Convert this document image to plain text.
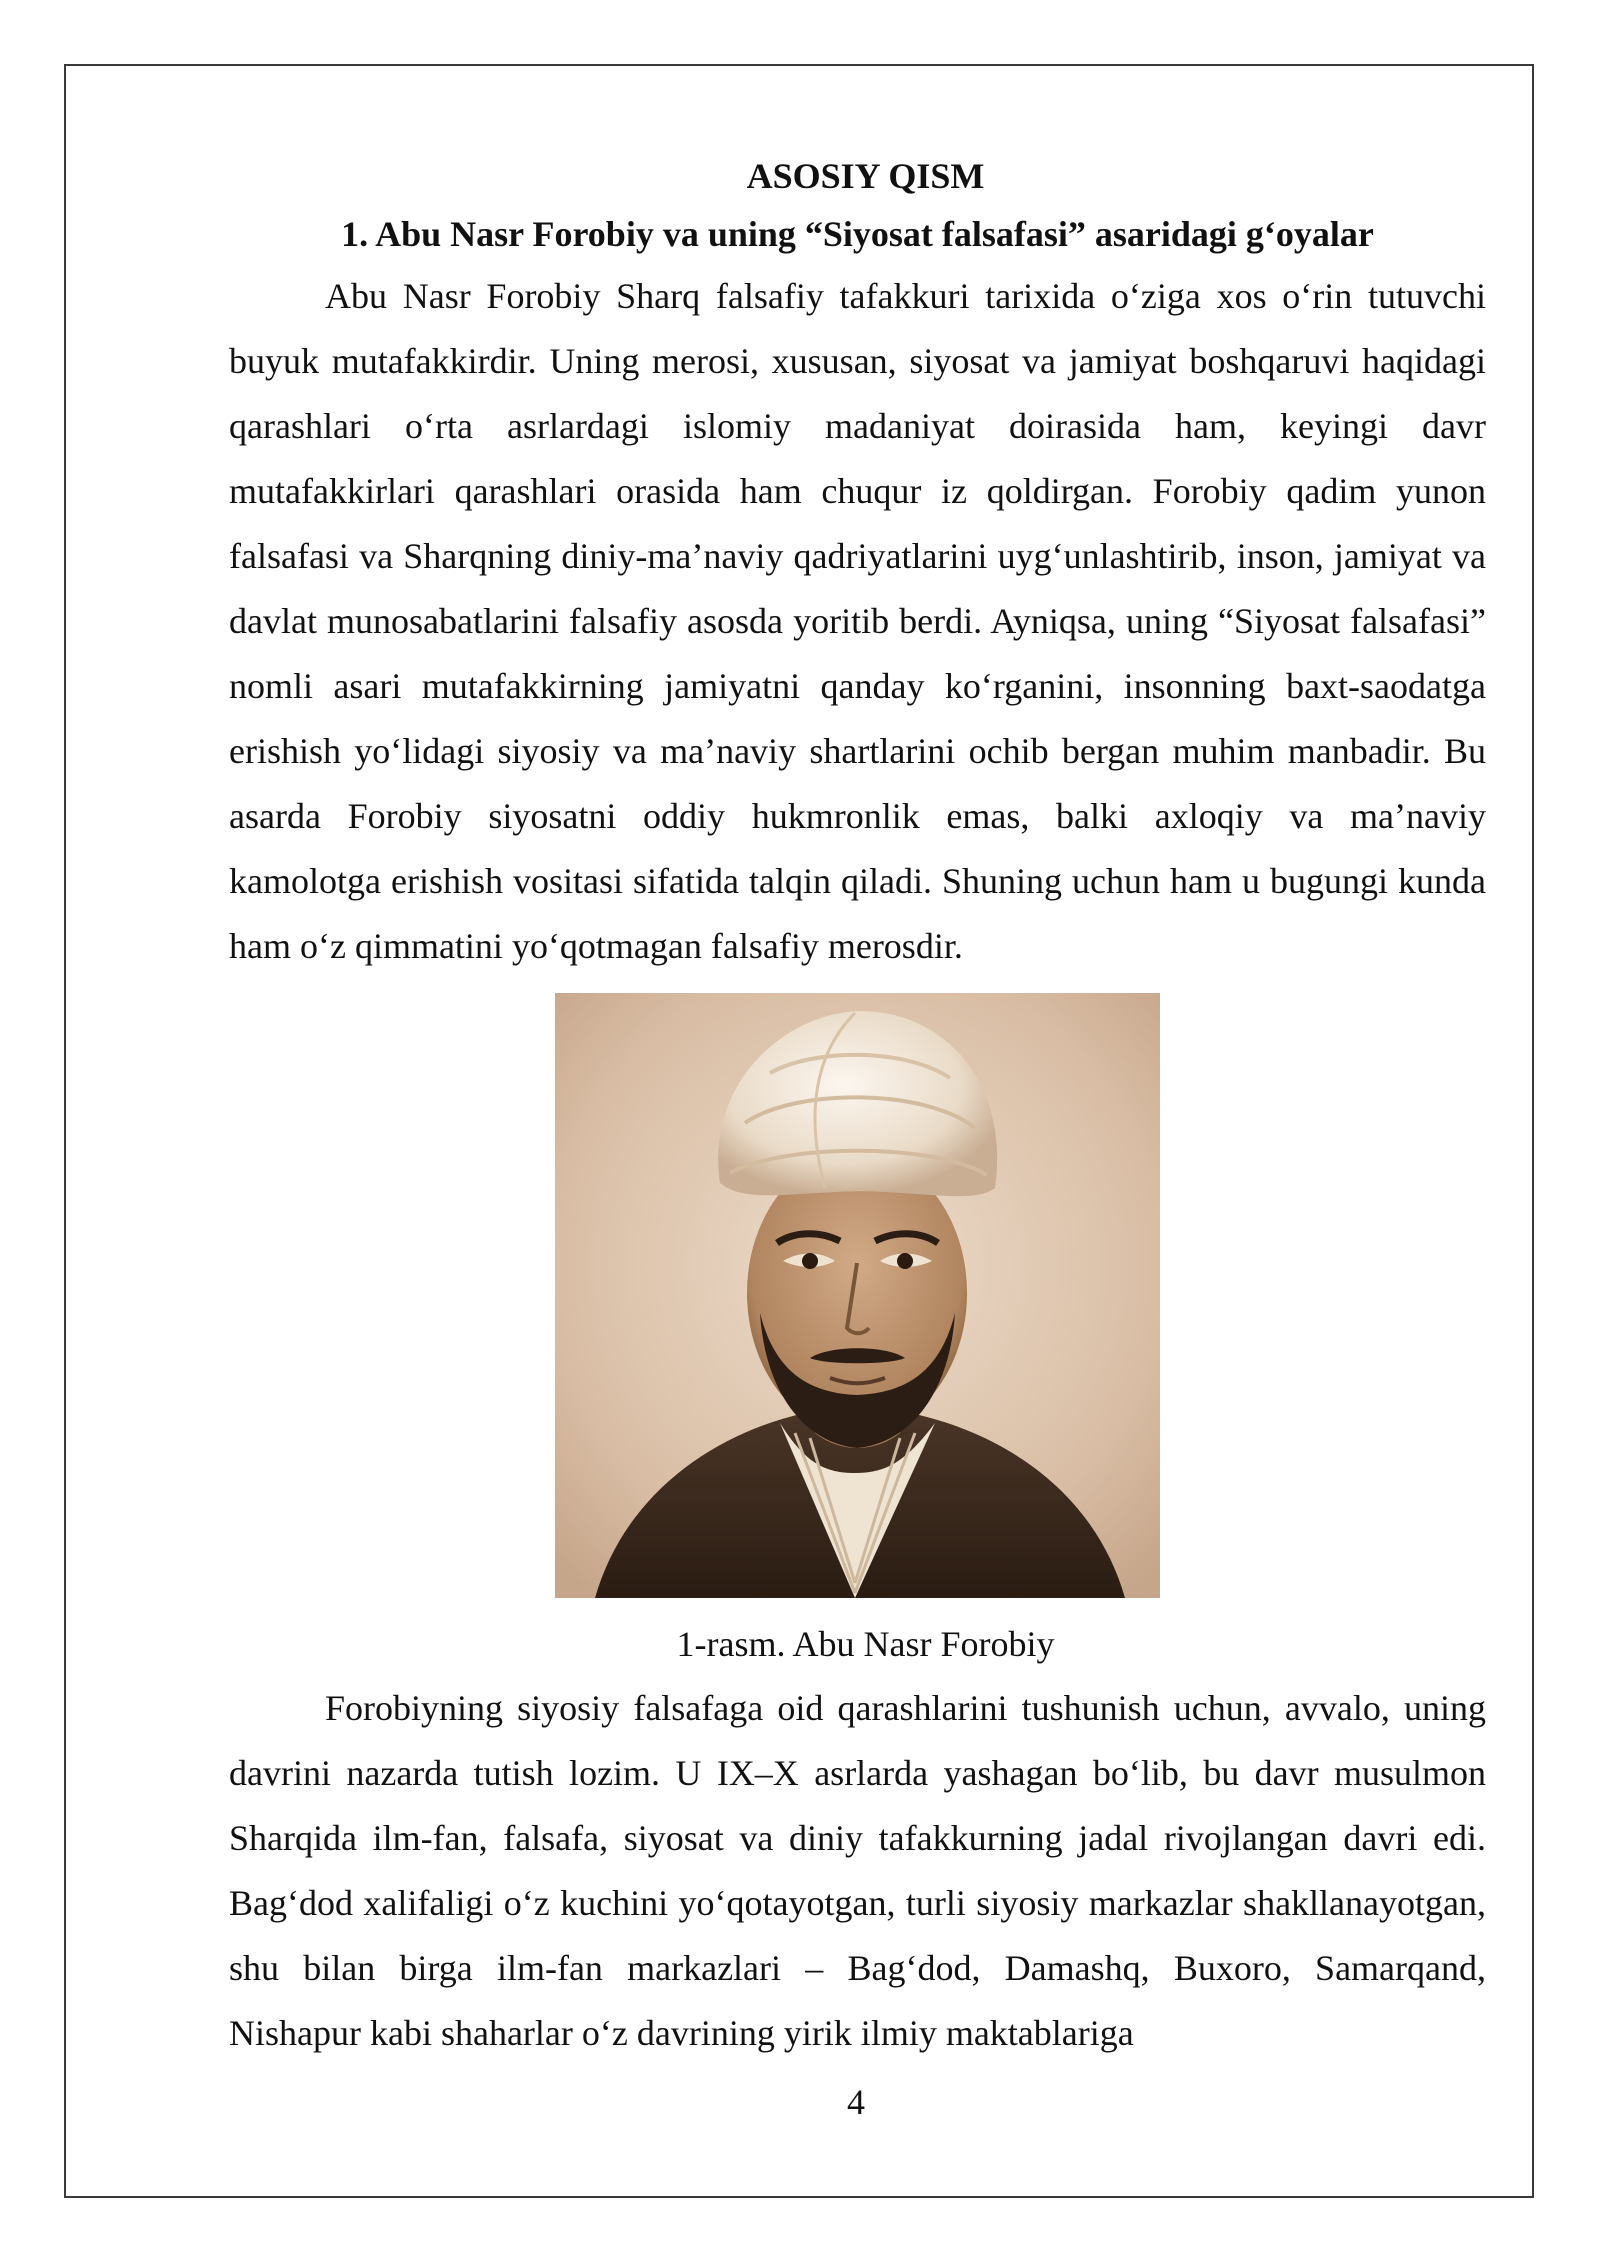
ASOSIY QISM
1. Abu Nasr Forobiy va uning “Siyosat falsafasi” asaridagi g‘oyalar

Abu Nasr Forobiy Sharq falsafiy tafakkuri tarixida o‘ziga xos o‘rin tutuvchi buyuk mutafakkirdir. Uning merosi, xususan, siyosat va jamiyat boshqaruvi haqidagi qarashlari o‘rta asrlardagi islomiy madaniyat doirasida ham, keyingi davr mutafakkirlari qarashlari orasida ham chuqur iz qoldirgan. Forobiy qadim yunon falsafasi va Sharqning diniy-ma’naviy qadriyatlarini uyg‘unlashtirib, inson, jamiyat va davlat munosabatlarini falsafiy asosda yoritib berdi. Ayniqsa, uning “Siyosat falsafasi” nomli asari mutafakkirning jamiyatni qanday ko‘rganini, insonning baxt-saodatga erishish yo‘lidagi siyosiy va ma’naviy shartlarini ochib bergan muhim manbadir. Bu asarda Forobiy siyosatni oddiy hukmronlik emas, balki axloqiy va ma’naviy kamolotga erishish vositasi sifatida talqin qiladi. Shuning uchun ham u bugungi kunda ham o‘z qimmatini yo‘qotmagan falsafiy merosdir.

1-rasm. Abu Nasr Forobiy

Forobiyning siyosiy falsafaga oid qarashlarini tushunish uchun, avvalo, uning davrini nazarda tutish lozim. U IX–X asrlarda yashagan bo‘lib, bu davr musulmon Sharqida ilm-fan, falsafa, siyosat va diniy tafakkurning jadal rivojlangan davri edi. Bag‘dod xalifaligi o‘z kuchini yo‘qotayotgan, turli siyosiy markazlar shakllanayotgan, shu bilan birga ilm-fan markazlari – Bag‘dod, Damashq, Buxoro, Samarqand, Nishapur kabi shaharlar o‘z davrining yirik ilmiy maktablariga

4
